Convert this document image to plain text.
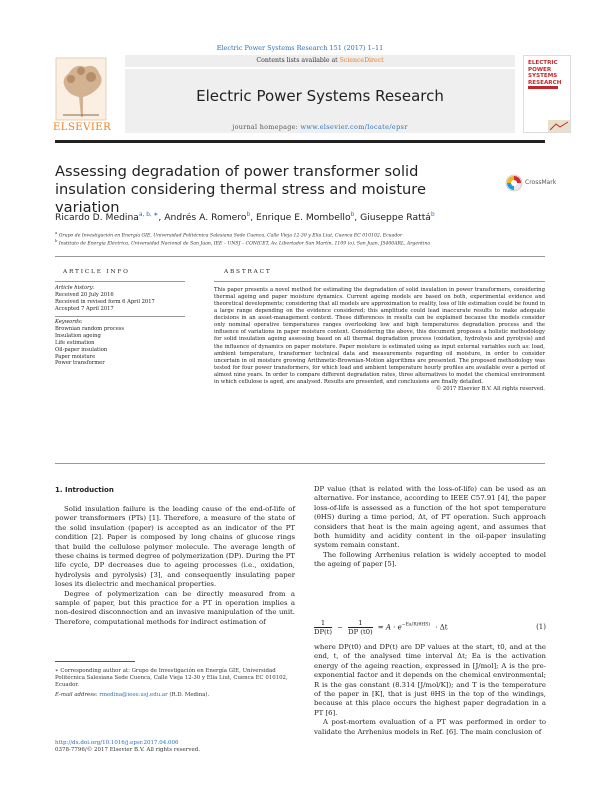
Electric Power Systems Research 151 (2017) 1–11
ELSEVIER
Contents lists available at ScienceDirect
Electric Power Systems Research
journal homepage: www.elsevier.com/locate/epsr
ELECTRIC POWER SYSTEMS RESEARCH
Assessing degradation of power transformer solid insulation considering thermal stress and moisture variation
CrossMark
Ricardo D. Medina$^{a, b, ∗}$, Andrés A. Romero$^b$, Enrique E. Mombello$^b$, Giuseppe Rattá$^b$
$^a$ Grupo de Investigación en Energía GIE, Universidad Politécnica Salesiana Sede Cuenca, Calle Vieja 12-30 y Elia Liut, Cuenca EC 010102, Ecuador
$^b$ Instituto de Energía Eléctrica, Universidad Nacional de San Juan, IEE – UNSJ – CONICET, Av. Libertador San Martín, 1109 (o), San Juan, J5400ARL, Argentina
ARTICLE INFO
Article history:
Received 20 July 2016
Received in revised form 6 April 2017
Accepted 7 April 2017
Keywords:
Brownian random process
Insulation ageing
Life estimation
Oil-paper insulation
Paper moisture
Power transformer
ABSTRACT
This paper presents a novel method for estimating the degradation of solid insulation in power transformers, considering thermal ageing and paper moisture dynamics. Current ageing models are based on both, experimental evidence and theoretical developments; considering that all models are approximation to reality, loss of life estimation could be found in a large range depending on the evidence considered; this amplitude could lead inaccurate results to make adequate decisions in an asset-management context. These differences in results can be explained because the models consider only nominal operative temperatures ranges overlooking low and high temperatures degradation process and the influence of variations in paper moisture content. Considering the above, this document proposes a holistic methodology for solid insulation ageing assessing based on all thermal degradation process (oxidation, hydrolysis and pyrolysis) and the influence of dynamics on paper moisture. Paper moisture is estimated using as input external variables such as: load, ambient temperature, transformer technical data and measurements regarding oil moisture, in order to consider uncertain in oil moisture growing Arithmetic-Brownian-Motion algorithms are presented. The proposed methodology was tested for four power transformers, for which load and ambient temperature hourly profiles are available over a period of almost nine years. In order to compare different degradation rates, three alternatives to model the chemical environment in which cellulose is aged, are analysed. Results are presented, and conclusions are finally detailed.
© 2017 Elsevier B.V. All rights reserved.
1. Introduction

Solid insulation failure is the leading cause of the end-of-life of power transformers (PTs) [1]. Therefore, a measure of the state of the solid insulation (paper) is accepted as an indicator of the PT condition [2]. Paper is composed by long chains of glucose rings that build the cellulose polymer molecule. The average length of these chains is termed degree of polymerization (DP). During the PT life cycle, DP decreases due to ageing processes (i.e., oxidation, hydrolysis and pyrolysis) [3], and consequently insulating paper loses its dielectric and mechanical properties.

Degree of polymerization can be directly measured from a sample of paper, but this practice for a PT in operation implies a non-desired disconnection and an invasive manipulation of the unit. Therefore, computational methods for indirect estimation of

DP value (that is related with the loss-of-life) can be used as an alternative. For instance, according to IEEE C57.91 [4], the paper loss-of-life is assessed as a function of the hot spot temperature (θHS) during a time period, Δt, of PT operation. Such approach considers that heat is the main ageing agent, and assumes that both humidity and acidity content in the oil-paper insulating system remain constant.

The following Arrhenius relation is widely accepted to model the ageing of paper [5].

$\frac{1}{DP(t)} - \frac{1}{DP (t0)} = A \cdot e^{-Ea/R(\theta HS)} \cdot \Delta t$	(1)

where DP(t0) and DP(t) are DP values at the start, t0, and at the end, t, of the analysed time interval Δt; Ea is the activation energy of the ageing reaction, expressed in [J/mol]; A is the pre-exponential factor and it depends on the chemical environmental; R is the gas constant (8.314 [J/mol/K]); and T is the temperature of the paper in [K], that is just θHS in the top of the windings, because at this place occurs the highest paper degradation in a PT [6].

A post-mortem evaluation of a PT was performed in order to validate the Arrhenius models in Ref. [6]. The main conclusion of

∗ Corresponding author at: Grupo de Investigación en Energía GIE, Universidad Politécnica Salesiana Sede Cuenca, Calle Vieja 12-30 y Elia Liut, Cuenca EC 010102, Ecuador.
E-mail address: rmedina@ieee.usj.edu.ar (R.D. Medina).
http://dx.doi.org/10.1016/j.epsr.2017.04.006
0378-7796/© 2017 Elsevier B.V. All rights reserved.
